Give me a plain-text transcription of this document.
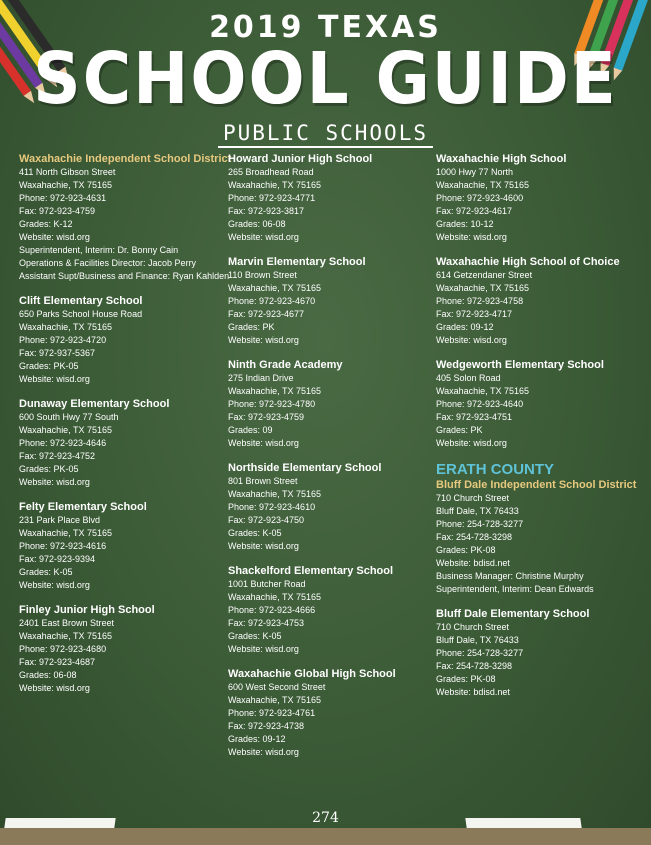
2019 TEXAS
SCHOOL GUIDE
PUBLIC SCHOOLS
Waxahachie Independent School District
411 North Gibson Street
Waxahachie, TX 75165
Phone: 972-923-4631
Fax: 972-923-4759
Grades: K-12
Website: wisd.org
Superintendent, Interim: Dr. Bonny Cain
Operations & Facilities Director: Jacob Perry
Assistant Supt/Business and Finance: Ryan Kahlden
Clift Elementary School
650 Parks School House Road
Waxahachie, TX 75165
Phone: 972-923-4720
Fax: 972-937-5367
Grades: PK-05
Website: wisd.org
Dunaway Elementary School
600 South Hwy 77 South
Waxahachie, TX 75165
Phone: 972-923-4646
Fax: 972-923-4752
Grades: PK-05
Website: wisd.org
Felty Elementary School
231 Park Place Blvd
Waxahachie, TX 75165
Phone: 972-923-4616
Fax: 972-923-9394
Grades: K-05
Website: wisd.org
Finley Junior High School
2401 East Brown Street
Waxahachie, TX 75165
Phone: 972-923-4680
Fax: 972-923-4687
Grades: 06-08
Website: wisd.org
Howard Junior High School
265 Broadhead Road
Waxahachie, TX 75165
Phone: 972-923-4771
Fax: 972-923-3817
Grades: 06-08
Website: wisd.org
Marvin Elementary School
110 Brown Street
Waxahachie, TX 75165
Phone: 972-923-4670
Fax: 972-923-4677
Grades: PK
Website: wisd.org
Ninth Grade Academy
275 Indian Drive
Waxahachie, TX 75165
Phone: 972-923-4780
Fax: 972-923-4759
Grades: 09
Website: wisd.org
Northside Elementary School
801 Brown Street
Waxahachie, TX 75165
Phone: 972-923-4610
Fax: 972-923-4750
Grades: K-05
Website: wisd.org
Shackelford Elementary School
1001 Butcher Road
Waxahachie, TX 75165
Phone: 972-923-4666
Fax: 972-923-4753
Grades: K-05
Website: wisd.org
Waxahachie Global High School
600 West Second Street
Waxahachie, TX 75165
Phone: 972-923-4761
Fax: 972-923-4738
Grades: 09-12
Website: wisd.org
Waxahachie High School
1000 Hwy 77 North
Waxahachie, TX 75165
Phone: 972-923-4600
Fax: 972-923-4617
Grades: 10-12
Website: wisd.org
Waxahachie High School of Choice
614 Getzendaner Street
Waxahachie, TX 75165
Phone: 972-923-4758
Fax: 972-923-4717
Grades: 09-12
Website: wisd.org
Wedgeworth Elementary School
405 Solon Road
Waxahachie, TX 75165
Phone: 972-923-4640
Fax: 972-923-4751
Grades: PK
Website: wisd.org
ERATH COUNTY
Bluff Dale Independent School District
710 Church Street
Bluff Dale, TX 76433
Phone: 254-728-3277
Fax: 254-728-3298
Grades: PK-08
Website: bdisd.net
Business Manager: Christine Murphy
Superintendent, Interim: Dean Edwards
Bluff Dale Elementary School
710 Church Street
Bluff Dale, TX 76433
Phone: 254-728-3277
Fax: 254-728-3298
Grades: PK-08
Website: bdisd.net
274
